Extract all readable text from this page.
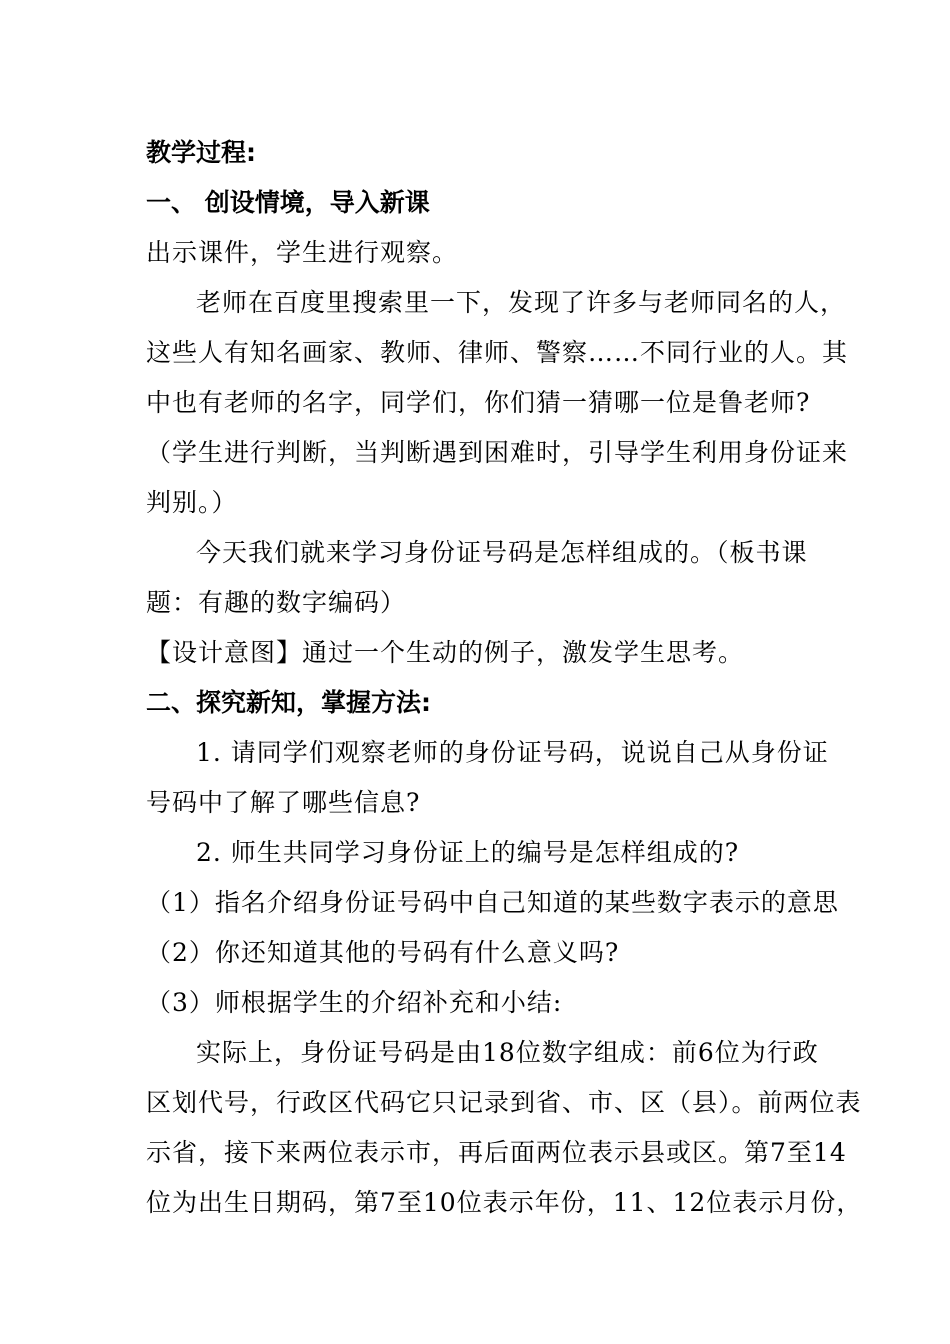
教学过程:
一、 创设情境，导入新课
出示课件，学生进行观察。
老师在百度里搜索里一下，发现了许多与老师同名的人，
这些人有知名画家、教师、律师、警察……不同行业的人。其
中也有老师的名字，同学们，你们猜一猜哪一位是鲁老师?
（学生进行判断，当判断遇到困难时，引导学生利用身份证来
判别。）
今天我们就来学习身份证号码是怎样组成的。（板书课
题：有趣的数字编码）
【设计意图】通过一个生动的例子，激发学生思考。
二、探究新知，掌握方法:
1. 请同学们观察老师的身份证号码，说说自己从身份证
号码中了解了哪些信息?
2. 师生共同学习身份证上的编号是怎样组成的?
（1）指名介绍身份证号码中自己知道的某些数字表示的意思
（2）你还知道其他的号码有什么意义吗?
（3）师根据学生的介绍补充和小结:
实际上，身份证号码是由18位数字组成：前6位为行政
区划代号，行政区代码它只记录到省、市、区（县）。前两位表
示省，接下来两位表示市，再后面两位表示县或区。第7至14
位为出生日期码，第7至10位表示年份，11、12位表示月份，
